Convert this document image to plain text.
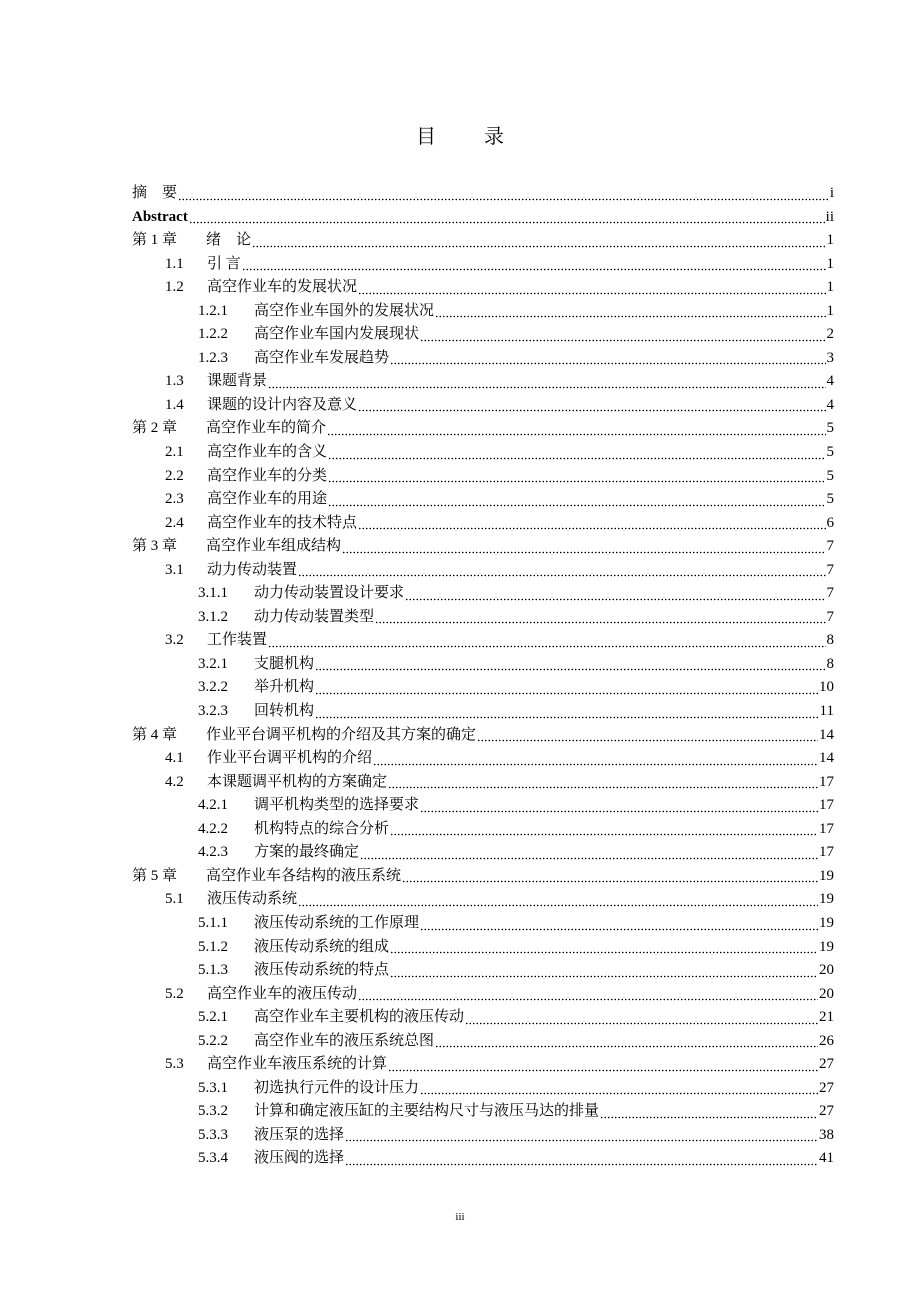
目　录
摘　要	i
Abstract	ii
第 1 章	绪　论	1
1.1	引 言	1
1.2	高空作业车的发展状况	1
1.2.1	高空作业车国外的发展状况	1
1.2.2	高空作业车国内发展现状	2
1.2.3	高空作业车发展趋势	3
1.3	课题背景	4
1.4	课题的设计内容及意义	4
第 2 章	高空作业车的简介	5
2.1	高空作业车的含义	5
2.2	高空作业车的分类	5
2.3	高空作业车的用途	5
2.4	高空作业车的技术特点	6
第 3 章	高空作业车组成结构	7
3.1	动力传动装置	7
3.1.1	动力传动装置设计要求	7
3.1.2	动力传动装置类型	7
3.2	工作装置	8
3.2.1	支腿机构	8
3.2.2	举升机构	10
3.2.3	回转机构	11
第 4 章	作业平台调平机构的介绍及其方案的确定	14
4.1	作业平台调平机构的介绍	14
4.2	本课题调平机构的方案确定	17
4.2.1	调平机构类型的选择要求	17
4.2.2	机构特点的综合分析	17
4.2.3	方案的最终确定	17
第 5 章	高空作业车各结构的液压系统	19
5.1	液压传动系统	19
5.1.1	液压传动系统的工作原理	19
5.1.2	液压传动系统的组成	19
5.1.3	液压传动系统的特点	20
5.2	高空作业车的液压传动	20
5.2.1	高空作业车主要机构的液压传动	21
5.2.2	高空作业车的液压系统总图	26
5.3	高空作业车液压系统的计算	27
5.3.1	初选执行元件的设计压力	27
5.3.2	计算和确定液压缸的主要结构尺寸与液压马达的排量	27
5.3.3	液压泵的选择	38
5.3.4	液压阀的选择	41
iii
